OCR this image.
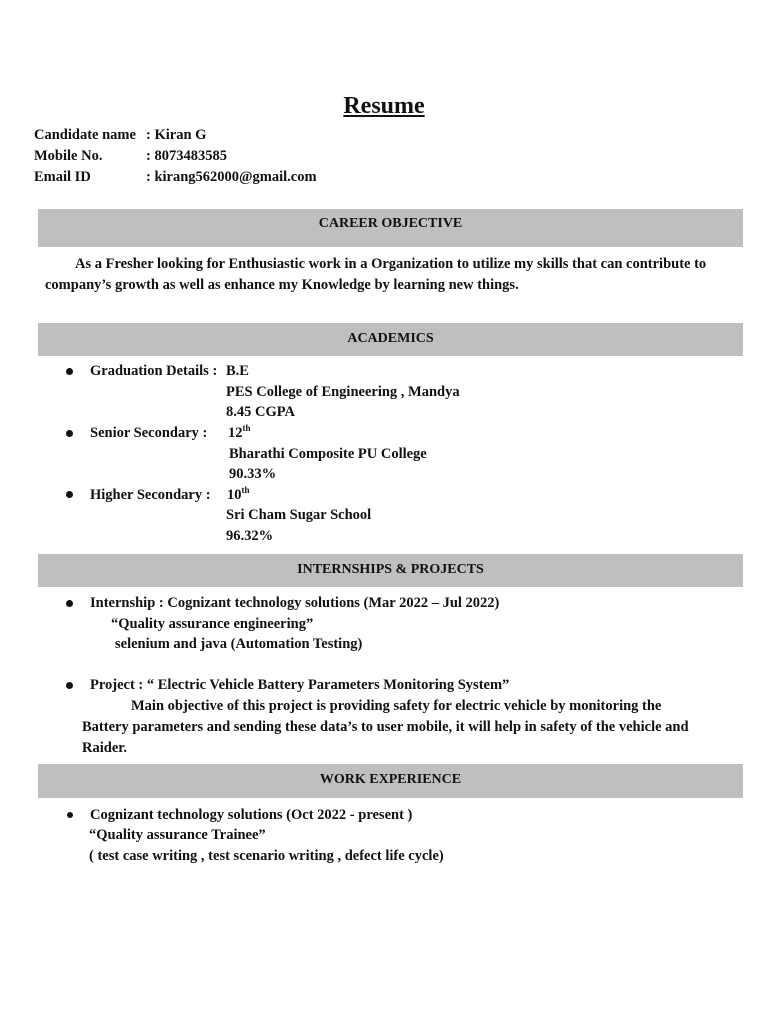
Resume
Candidate name : Kiran G
Mobile No.	: 8073483585
Email ID	: kirang562000@gmail.com
CAREER OBJECTIVE
As a Fresher looking for Enthusiastic work in a Organization to utilize my skills that can contribute to
company’s growth as well as enhance my Knowledge by learning new things.
ACADEMICS
Graduation Details : B.E
PES College of Engineering , Mandya
8.45 CGPA
Senior Secondary : 12th
Bharathi Composite PU College
90.33%
Higher Secondary : 10th
Sri Cham Sugar School
96.32%
INTERNSHIPS & PROJECTS
Internship : Cognizant technology solutions (Mar 2022 – Jul 2022)
“Quality assurance engineering”
selenium and java (Automation Testing)
Project : “ Electric Vehicle Battery Parameters Monitoring System”
Main objective of this project is providing safety for electric vehicle by monitoring the
Battery parameters and sending these data’s to user mobile, it will help in safety of the vehicle and
Raider.
WORK EXPERIENCE
Cognizant technology solutions (Oct 2022 - present )
“Quality assurance Trainee”
( test case writing , test scenario writing , defect life cycle)
